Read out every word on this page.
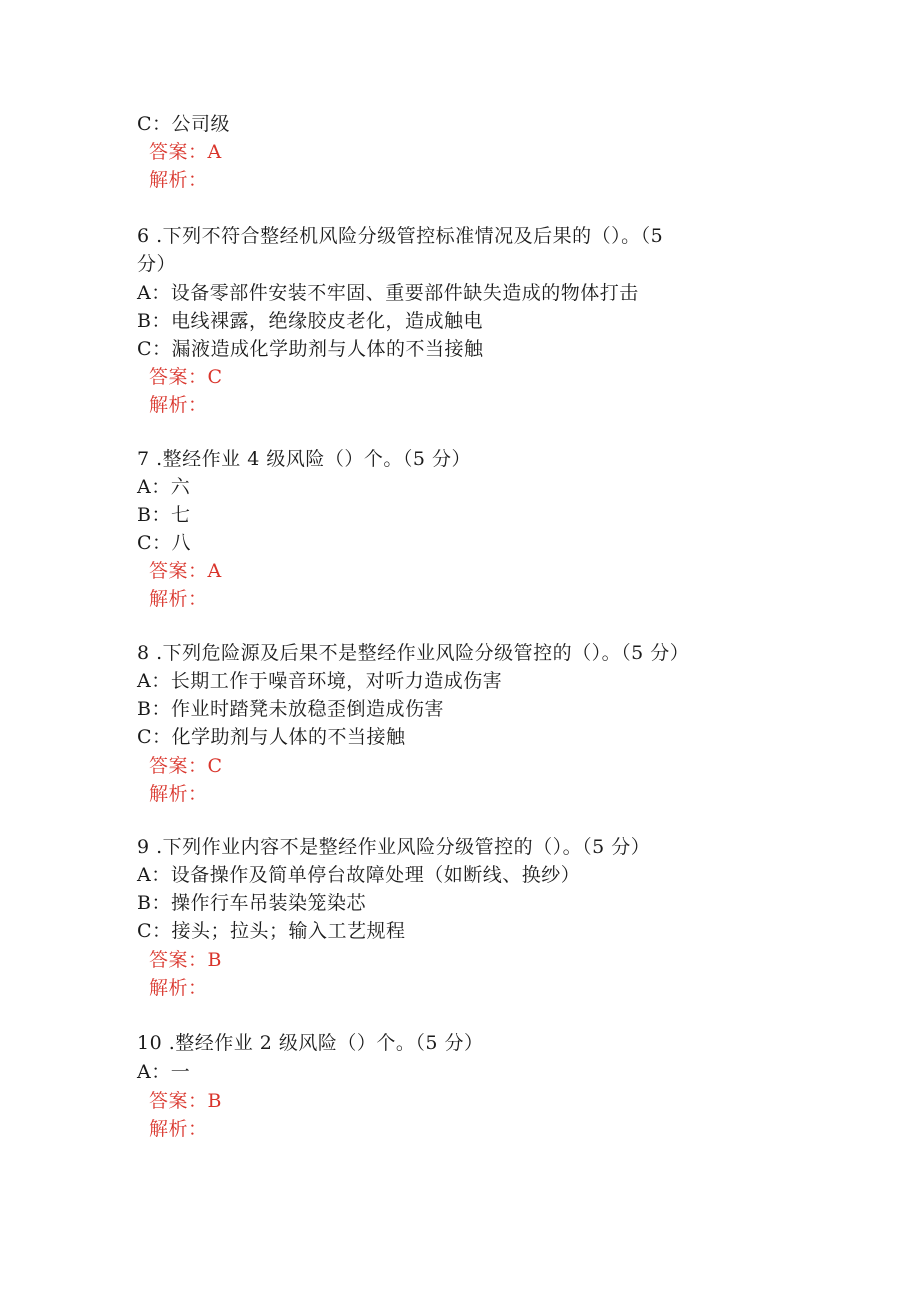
C：公司级
答案：A
解析：
6 .下列不符合整经机风险分级管控标准情况及后果的（）。（5
分）
A：设备零部件安装不牢固、重要部件缺失造成的物体打击
B：电线裸露，绝缘胶皮老化，造成触电
C：漏液造成化学助剂与人体的不当接触
答案：C
解析：
7 .整经作业 4 级风险（）个。（5 分）
A：六
B：七
C：八
答案：A
解析：
8 .下列危险源及后果不是整经作业风险分级管控的（）。（5 分）
A：长期工作于噪音环境，对听力造成伤害
B：作业时踏凳未放稳歪倒造成伤害
C：化学助剂与人体的不当接触
答案：C
解析：
9 .下列作业内容不是整经作业风险分级管控的（）。（5 分）
A：设备操作及简单停台故障处理（如断线、换纱）
B：操作行车吊装染笼染芯
C：接头；拉头；输入工艺规程
答案：B
解析：
10 .整经作业 2 级风险（）个。（5 分）
A：一
答案：B
解析：
